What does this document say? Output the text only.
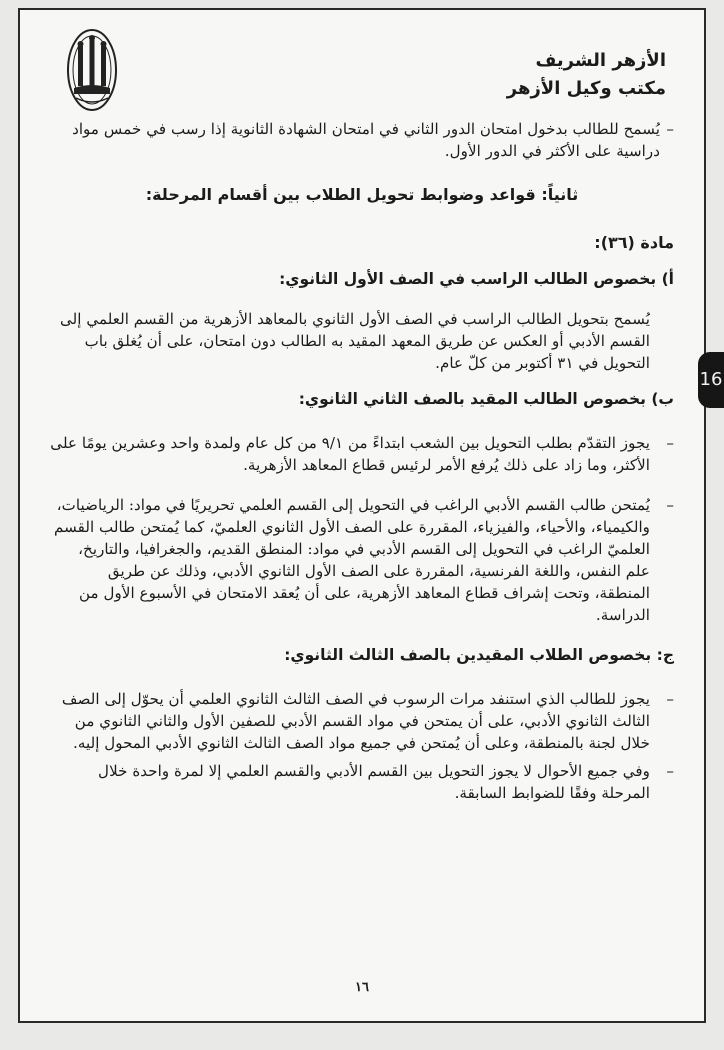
الأزهر الشريف
مكتب وكيل الأزهر

– يُسمح للطالب بدخول امتحان الدور الثاني في امتحان الشهادة الثانوية إذا رسب في خمس مواد دراسية على الأكثر في الدور الأول.

ثانياً: قواعد وضوابط تحويل الطلاب بين أقسام المرحلة:

مادة (٣٦):

أ) بخصوص الطالب الراسب في الصف الأول الثانوي:

يُسمح بتحويل الطالب الراسب في الصف الأول الثانوي بالمعاهد الأزهرية من القسم العلمي إلى القسم الأدبي أو العكس عن طريق المعهد المقيد به الطالب دون امتحان، على أن يُغلق باب التحويل في ٣١ أكتوبر من كلّ عام.

ب) بخصوص الطالب المقيد بالصف الثاني الثانوي:

– يجوز التقدّم بطلب التحويل بين الشعب ابتداءً من ٩/١ من كل عام ولمدة واحد وعشرين يومًا على الأكثر، وما زاد على ذلك يُرفع الأمر لرئيس قطاع المعاهد الأزهرية.

– يُمتحن طالب القسم الأدبي الراغب في التحويل إلى القسم العلمي تحريريًا في مواد: الرياضيات، والكيمياء، والأحياء، والفيزياء، المقررة على الصف الأول الثانوي العلميّ، كما يُمتحن طالب القسم العلميّ الراغب في التحويل إلى القسم الأدبي في مواد: المنطق القديم، والجغرافيا، والتاريخ، علم النفس، واللغة الفرنسية، المقررة على الصف الأول الثانوي الأدبي، وذلك عن طريق المنطقة، وتحت إشراف قطاع المعاهد الأزهرية، على أن يُعقد الامتحان في الأسبوع الأول من الدراسة.

ج: بخصوص الطلاب المقيدين بالصف الثالث الثانوي:

– يجوز للطالب الذي استنفد مرات الرسوب في الصف الثالث الثانوي العلمي أن يحوّل إلى الصف الثالث الثانوي الأدبي، على أن يمتحن في مواد القسم الأدبي للصفين الأول والثاني الثانوي من خلال لجنة بالمنطقة، وعلى أن يُمتحن في جميع مواد الصف الثالث الثانوي الأدبي المحول إليه.

– وفي جميع الأحوال لا يجوز التحويل بين القسم الأدبي والقسم العلمي إلا لمرة واحدة خلال المرحلة وفقًا للضوابط السابقة.

١٦
16
